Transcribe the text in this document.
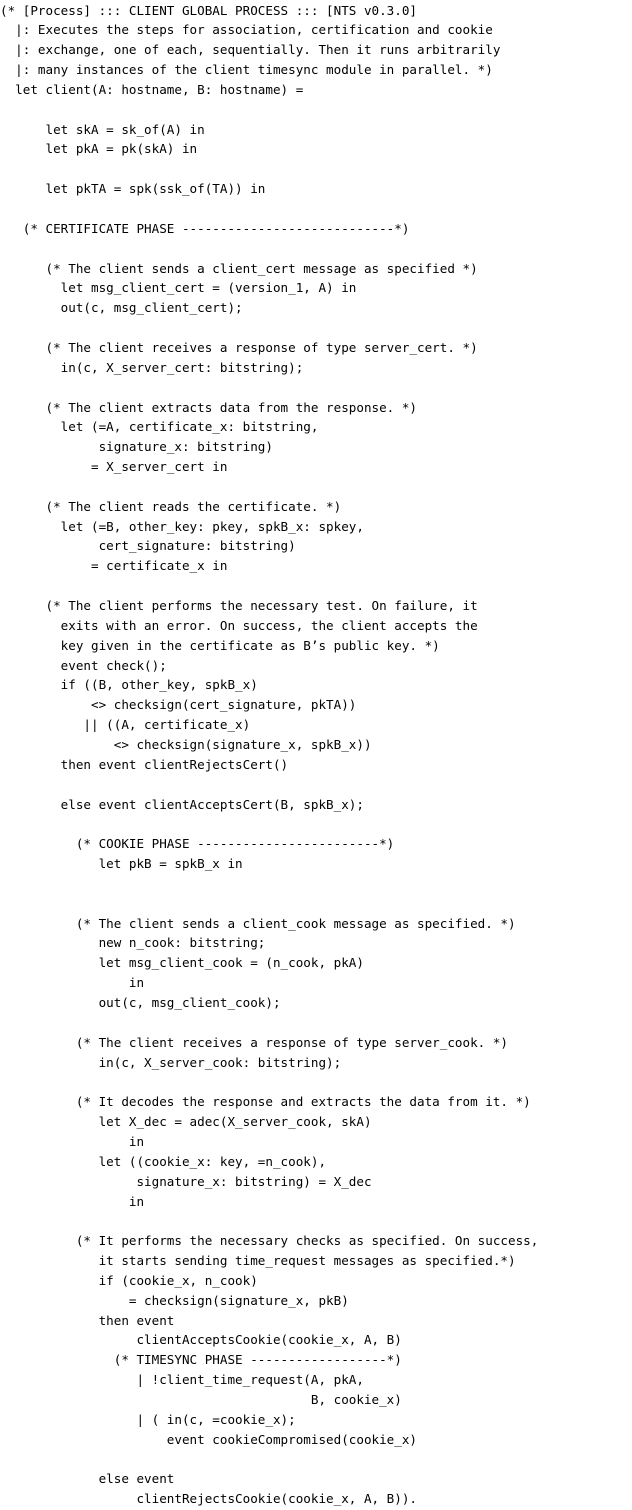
(* [Process] ::: CLIENT GLOBAL PROCESS ::: [NTS v0.3.0]
|: Executes the steps for association, certification and cookie
|: exchange, one of each, sequentially. Then it runs arbitrarily
|: many instances of the client timesync module in parallel. *)
let client(A: hostname, B: hostname) =
let skA = sk_of(A) in
let pkA = pk(skA) in
let pkTA = spk(ssk_of(TA)) in
(* CERTIFICATE PHASE ----------------------------*)
(* The client sends a client_cert message as specified *)
let msg_client_cert = (version_1, A) in
out(c, msg_client_cert);
(* The client receives a response of type server_cert. *)
in(c, X_server_cert: bitstring);
(* The client extracts data from the response. *)
let (=A, certificate_x: bitstring,
signature_x: bitstring)
= X_server_cert in
(* The client reads the certificate. *)
let (=B, other_key: pkey, spkB_x: spkey,
cert_signature: bitstring)
= certificate_x in
(* The client performs the necessary test. On failure, it
exits with an error. On success, the client accepts the
key given in the certificate as B’s public key. *)
event check();
if ((B, other_key, spkB_x)
<> checksign(cert_signature, pkTA))
|| ((A, certificate_x)
<> checksign(signature_x, spkB_x))
then event clientRejectsCert()
else event clientAcceptsCert(B, spkB_x);
(* COOKIE PHASE ------------------------*)
let pkB = spkB_x in
(* The client sends a client_cook message as specified. *)
new n_cook: bitstring;
let msg_client_cook = (n_cook, pkA)
in
out(c, msg_client_cook);
(* The client receives a response of type server_cook. *)
in(c, X_server_cook: bitstring);
(* It decodes the response and extracts the data from it. *)
let X_dec = adec(X_server_cook, skA)
in
let ((cookie_x: key, =n_cook),
signature_x: bitstring) = X_dec
in
(* It performs the necessary checks as specified. On success,
it starts sending time_request messages as specified.*)
if (cookie_x, n_cook)
= checksign(signature_x, pkB)
then event
clientAcceptsCookie(cookie_x, A, B)
(* TIMESYNC PHASE ------------------*)
| !client_time_request(A, pkA,
B, cookie_x)
| ( in(c, =cookie_x);
event cookieCompromised(cookie_x)
else event
clientRejectsCookie(cookie_x, A, B)).
